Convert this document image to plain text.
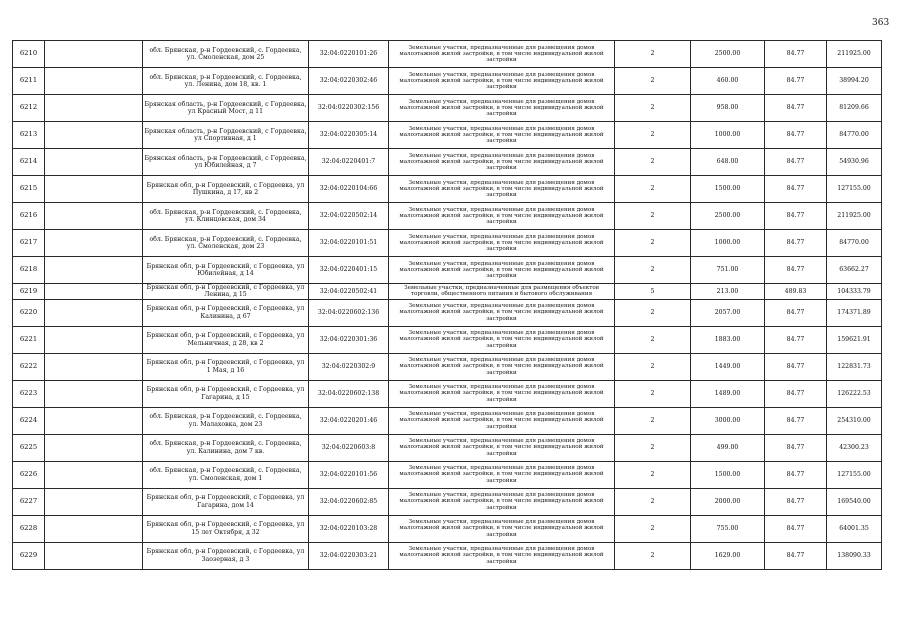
363
6210		обл. Брянская, р-н Гордеевский, с. Гордеевка, ул. Смоленская, дом 25	32:04:0220101:26	Земельные участки, предназначенные для размещения домов малоэтажной жилой застройки, в том числе индивидуальной жилой застройки	2	2500.00	84.77	211925.00
6211		обл. Брянская, р-н Гордеевский, с. Гордеевка, ул. Ленина, дом 18, кв. 1	32:04:0220302:46	Земельные участки, предназначенные для размещения домов малоэтажной жилой застройки, в том числе индивидуальной жилой застройки	2	460.00	84.77	38994.20
6212		Брянская область, р-н Гордеевский, с Гордеевка, ул Красный Мост, д 11	32:04:0220302:156	Земельные участки, предназначенные для размещения домов малоэтажной жилой застройки, в том числе индивидуальной жилой застройки	2	958.00	84.77	81209.66
6213		Брянская область, р-н Гордеевский, с Гордеевка, ул Спортивная, д 1	32:04:0220305:14	Земельные участки, предназначенные для размещения домов малоэтажной жилой застройки, в том числе индивидуальной жилой застройки	2	1000.00	84.77	84770.00
6214		Брянская область, р-н Гордеевский, с Гордеевка, ул Юбилейная, д 7	32:04:0220401:7	Земельные участки, предназначенные для размещения домов малоэтажной жилой застройки, в том числе индивидуальной жилой застройки	2	648.00	84.77	54930.96
6215		Брянская обл, р-н Гордеевский, с Гордеевка, ул Пушкина, д 17, кв 2	32:04:0220104:66	Земельные участки, предназначенные для размещения домов малоэтажной жилой застройки, в том числе индивидуальной жилой застройки	2	1500.00	84.77	127155.00
6216		обл. Брянская, р-н Гордеевский, с. Гордеевка, ул. Клинцовская, дом 34	32:04:0220502:14	Земельные участки, предназначенные для размещения домов малоэтажной жилой застройки, в том числе индивидуальной жилой застройки	2	2500.00	84.77	211925.00
6217		обл. Брянская, р-н Гордеевский, с. Гордеевка, ул. Смоленская, дом 23	32:04:0220101:51	Земельные участки, предназначенные для размещения домов малоэтажной жилой застройки, в том числе индивидуальной жилой застройки	2	1000.00	84.77	84770.00
6218		Брянская обл, р-н Гордеевский, с Гордеевка, ул Юбилейная, д 14	32:04:0220401:15	Земельные участки, предназначенные для размещения домов малоэтажной жилой застройки, в том числе индивидуальной жилой застройки	2	751.00	84.77	63662.27
6219		Брянская обл, р-н Гордеевский, с Гордеевка, ул Ленина, д 15	32:04:0220502:41	Земельные участки, предназначенные для размещения объектов торговли, общественного питания и бытового обслуживания	5	213.00	489.83	104333.79
6220		Брянская обл, р-н Гордеевский, с Гордеевка, ул Калинина, д 67	32:04:0220602:136	Земельные участки, предназначенные для размещения домов малоэтажной жилой застройки, в том числе индивидуальной жилой застройки	2	2057.00	84.77	174371.89
6221		Брянская обл, р-н Гордеевский, с Гордеевка, ул Мельничная, д 28, кв 2	32:04:0220301:36	Земельные участки, предназначенные для размещения домов малоэтажной жилой застройки, в том числе индивидуальной жилой застройки	2	1883.00	84.77	159621.91
6222		Брянская обл, р-н Гордеевский, с Гордеевка, ул 1 Мая, д 16	32:04:0220302:9	Земельные участки, предназначенные для размещения домов малоэтажной жилой застройки, в том числе индивидуальной жилой застройки	2	1449.00	84.77	122831.73
6223		Брянская обл, р-н Гордеевский, с Гордеевка, ул Гагарина, д 15	32:04:0220602:138	Земельные участки, предназначенные для размещения домов малоэтажной жилой застройки, в том числе индивидуальной жилой застройки	2	1489.00	84.77	126222.53
6224		обл. Брянская, р-н Гордеевский, с. Гордеевка, ул. Малаховка, дом 23	32:04:0220201:46	Земельные участки, предназначенные для размещения домов малоэтажной жилой застройки, в том числе индивидуальной жилой застройки	2	3000.00	84.77	254310.00
6225		обл. Брянская, р-н Гордеевский, с. Гордеевка, ул. Калинина, дом 7 кв.	32:04:0220603:8	Земельные участки, предназначенные для размещения домов малоэтажной жилой застройки, в том числе индивидуальной жилой застройки	2	499.00	84.77	42300.23
6226		обл. Брянская, р-н Гордеевский, с. Гордеевка, ул. Смоленская, дом 1	32:04:0220101:56	Земельные участки, предназначенные для размещения домов малоэтажной жилой застройки, в том числе индивидуальной жилой застройки	2	1500.00	84.77	127155.00
6227		Брянская обл, р-н Гордеевский, с Гордеевка, ул Гагарина, дом 14	32:04:0220602:85	Земельные участки, предназначенные для размещения домов малоэтажной жилой застройки, в том числе индивидуальной жилой застройки	2	2000.00	84.77	169540.00
6228		Брянская обл, р-н Гордеевский, с Гордеевка, ул 15 лет Октября, д 32	32:04:0220103:28	Земельные участки, предназначенные для размещения домов малоэтажной жилой застройки, в том числе индивидуальной жилой застройки	2	755.00	84.77	64001.35
6229		Брянская обл, р-н Гордеевский, с Гордеевка, ул Заозерная, д 3	32:04:0220303:21	Земельные участки, предназначенные для размещения домов малоэтажной жилой застройки, в том числе индивидуальной жилой застройки	2	1629.00	84.77	138090.33
